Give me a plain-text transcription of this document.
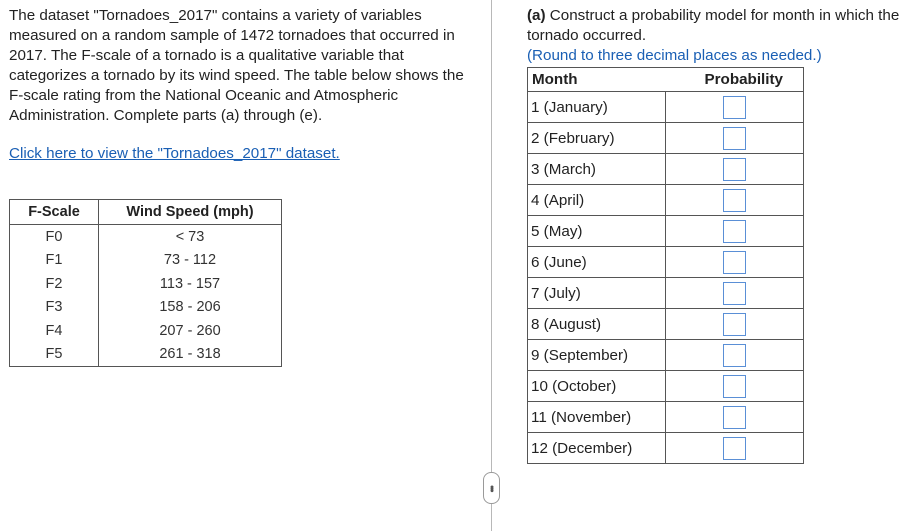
The dataset "Tornadoes_2017" contains a variety of variables measured on a random sample of 1472 tornadoes that occurred in 2017. The F-scale of a tornado is a qualitative variable that categorizes a tornado by its wind speed. The table below shows the F-scale rating from the National Oceanic and Atmospheric Administration. Complete parts (a) through (e).

Click here to view the "Tornadoes_2017" dataset.
F-Scale	Wind Speed (mph)
F0	< 73
F1	73 - 112
F2	113 - 157
F3	158 - 206
F4	207 - 260
F5	261 - 318
•••

(a) Construct a probability model for month in which the tornado occurred.

(Round to three decimal places as needed.)
Month	Probability
1 (January)	
2 (February)	
3 (March)	
4 (April)	
5 (May)	
6 (June)	
7 (July)	
8 (August)	
9 (September)	
10 (October)	
11 (November)	
12 (December)	
